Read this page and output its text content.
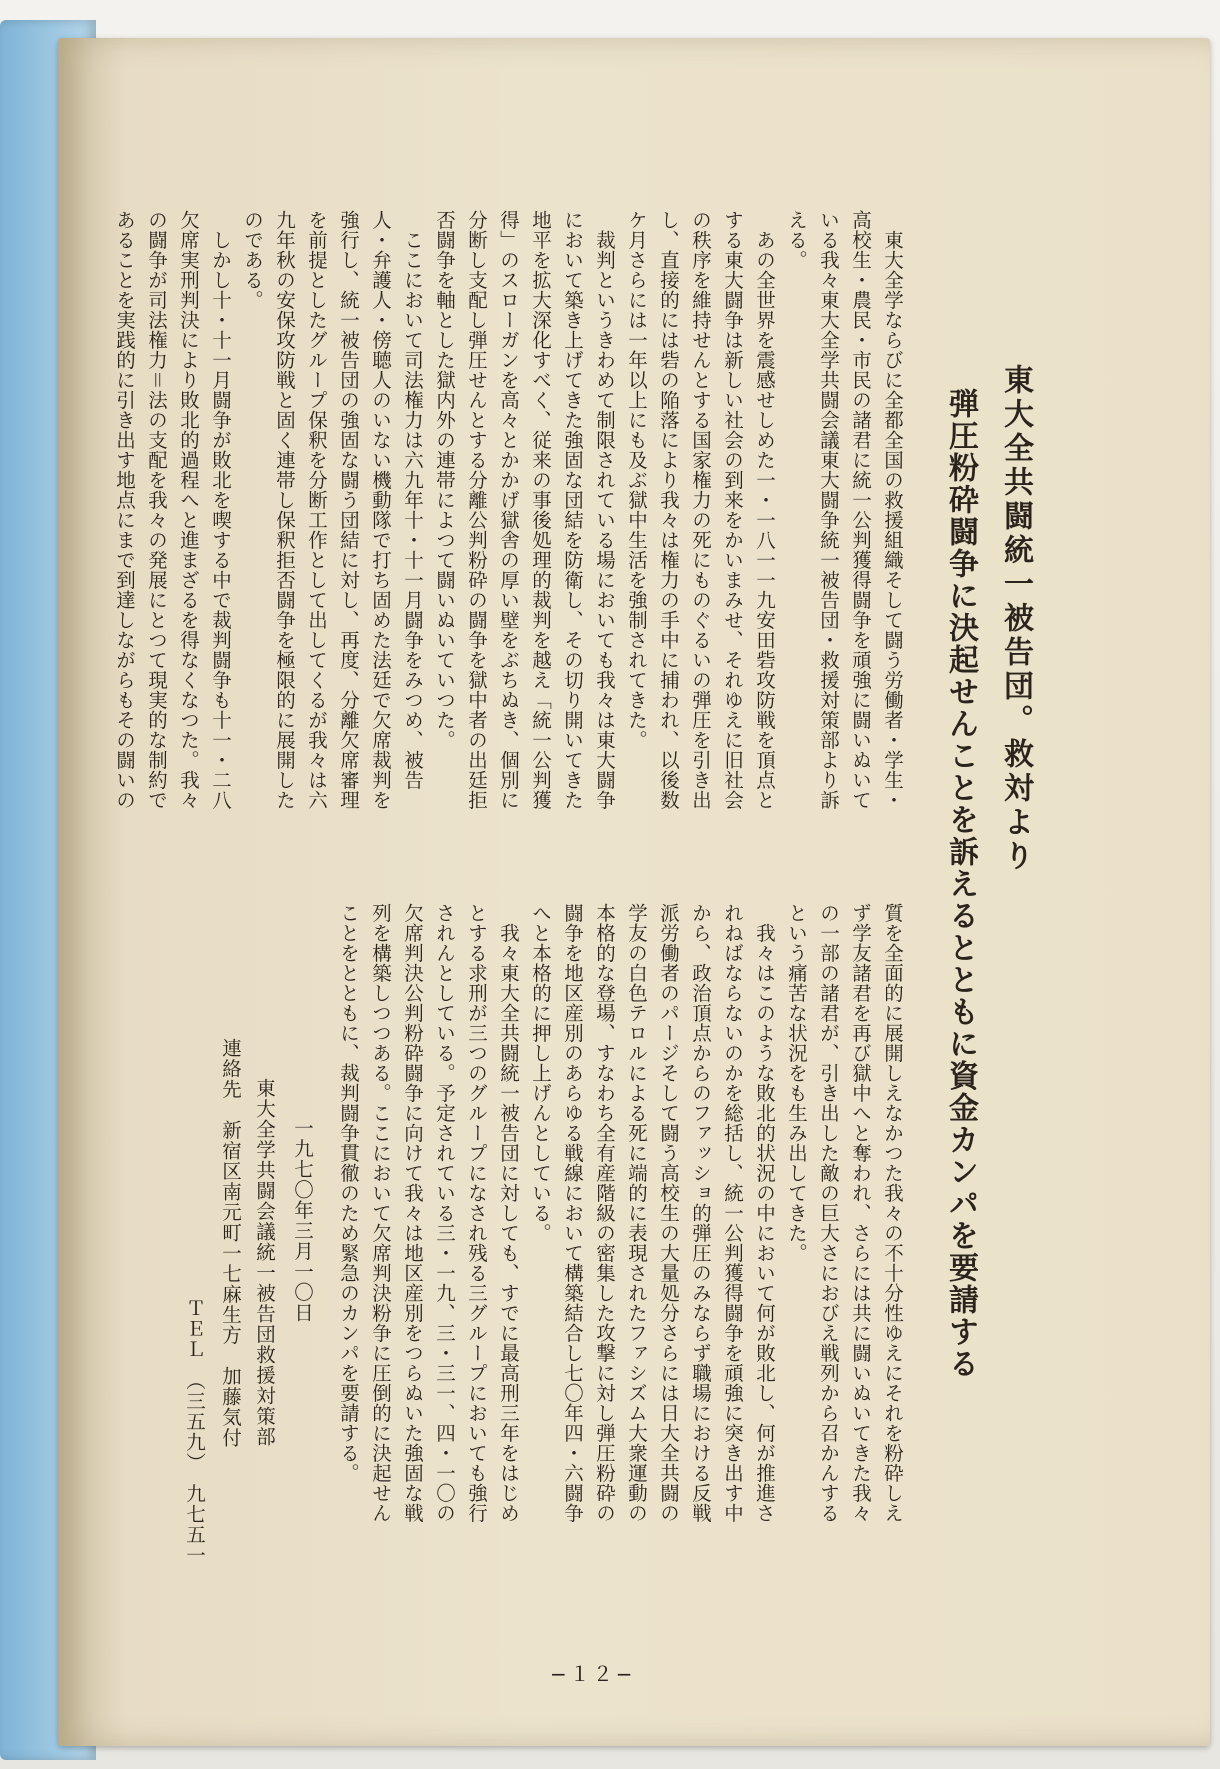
東大全共闘統一被告団。救対より
弾圧粉砕闘争に決起せんことを訴えるとともに資金カンパを要請する

東大全学ならびに全都全国の救援組織そして闘う労働者・学生・高校生・農民・市民の諸君に統一公判獲得闘争を頑強に闘いぬいている我々東大全学共闘会議東大闘争統一被告団・救援対策部より訴える。

あの全世界を震感せしめた一・一八一一九安田砦攻防戦を頂点とする東大闘争は新しい社会の到来をかいまみせ、それゆえに旧社会の秩序を維持せんとする国家権力の死にものぐるいの弾圧を引き出し、直接的には砦の陥落により我々は権力の手中に捕われ、以後数ケ月さらには一年以上にも及ぶ獄中生活を強制されてきた。

裁判というきわめて制限されている場においても我々は東大闘争において築き上げてきた強固な団結を防衛し、その切り開いてきた地平を拡大深化すべく、従来の事後処理的裁判を越え「統一公判獲得」のスローガンを高々とかかげ獄舎の厚い壁をぶちぬき、個別に分断し支配し弾圧せんとする分離公判粉砕の闘争を獄中者の出廷拒否闘争を軸とした獄内外の連帯によつて闘いぬいていつた。

ここにおいて司法権力は六九年十・十一月闘争をみつめ、被告人・弁護人・傍聴人のいない機動隊で打ち固めた法廷で欠席裁判を強行し、統一被告団の強固な闘う団結に対し、再度、分離欠席審理を前提としたグループ保釈を分断工作として出してくるが我々は六九年秋の安保攻防戦と固く連帯し保釈拒否闘争を極限的に展開したのである。

しかし十・十一月闘争が敗北を喫する中で裁判闘争も十一・二八欠席実刑判決により敗北的過程へと進まざるを得なくなつた。我々の闘争が司法権力＝法の支配を我々の発展にとつて現実的な制約であることを実践的に引き出す地点にまで到達しながらもその闘いの

質を全面的に展開しえなかつた我々の不十分性ゆえにそれを粉砕しえず学友諸君を再び獄中へと奪われ、さらには共に闘いぬいてきた我々の一部の諸君が、引き出した敵の巨大さにおびえ戦列から召かんするという痛苦な状況をも生み出してきた。

我々はこのような敗北的状況の中において何が敗北し、何が推進されねばならないのかを総括し、統一公判獲得闘争を頑強に突き出す中から、政治頂点からのファッショ的弾圧のみならず職場における反戦派労働者のパージそして闘う高校生の大量処分さらには日大全共闘の学友の白色テロルによる死に端的に表現されたファシズム大衆運動の本格的な登場、すなわち全有産階級の密集した攻撃に対し弾圧粉砕の闘争を地区産別のあらゆる戦線において構築結合し七〇年四・六闘争へと本格的に押し上げんとしている。

我々東大全共闘統一被告団に対しても、すでに最高刑三年をはじめとする求刑が三つのグループになされ残る三グループにおいても強行されんとしている。予定されている三・一九、三・三一、四・一〇の欠席判決公判粉砕闘争に向けて我々は地区産別をつらぬいた強固な戦列を構築しつつある。ここにおいて欠席判決粉争に圧倒的に決起せんことをとともに、裁判闘争貫徹のため緊急のカンパを要請する。

一九七〇年三月一〇日
東大全学共闘会議統一被告団救援対策部
連絡先　新宿区南元町一七麻生方　加藤気付
ＴＥＬ　（三五九）　九七五一
−１２−
